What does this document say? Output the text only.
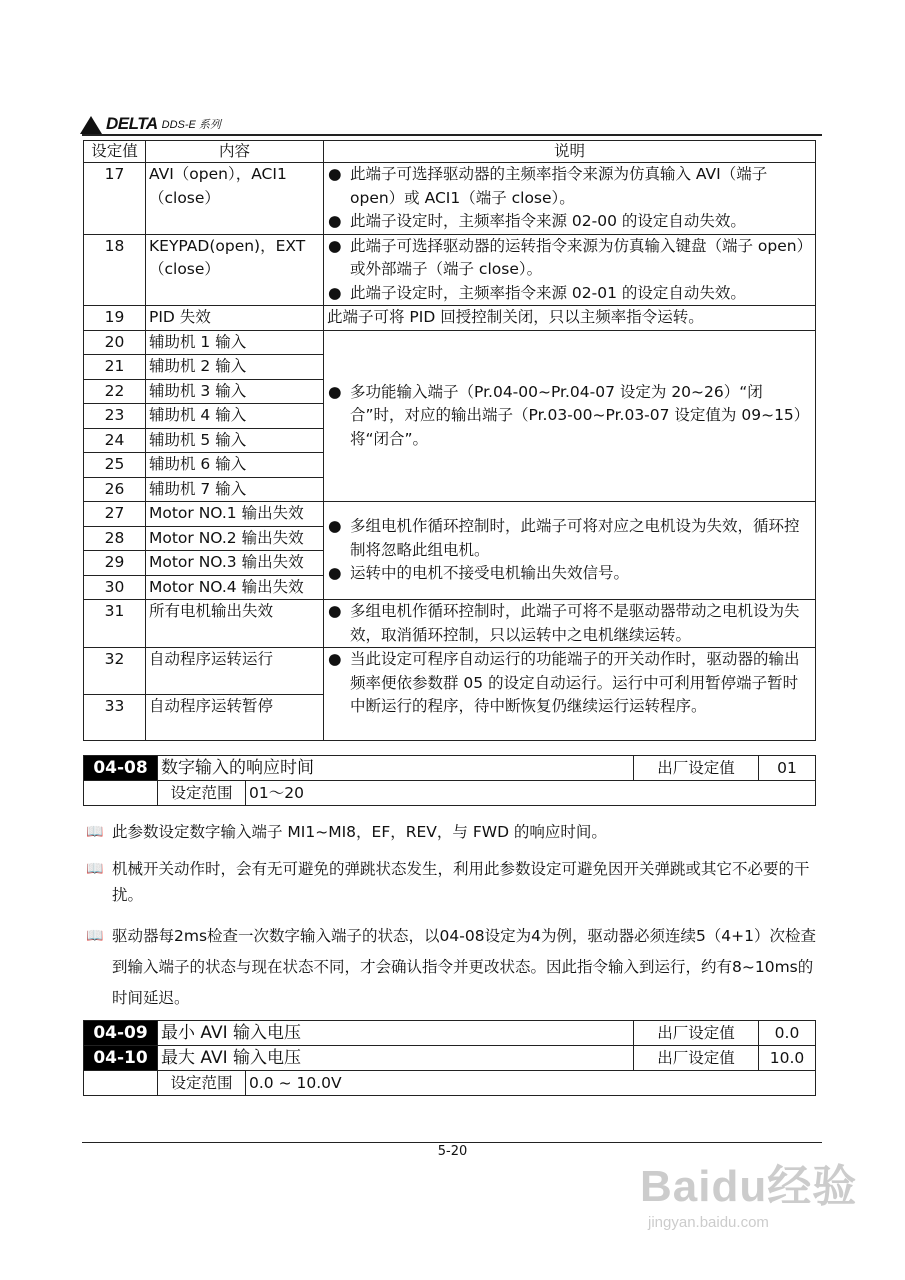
DELTA DDS-E 系列
设定值	内容	说明
17	AVI（open），ACI1（close）	● 此端子可选择驱动器的主频率指令来源为仿真输入 AVI（端子 open）或 ACI1（端子 close）。
● 此端子设定时，主频率指令来源 02-00 的设定自动失效。

18	KEYPAD(open)，EXT（close）	● 此端子可选择驱动器的运转指令来源为仿真输入键盘（端子 open）或外部端子（端子 close）。
● 此端子设定时，主频率指令来源 02-01 的设定自动失效。

19	PID 失效	此端子可将 PID 回授控制关闭，只以主频率指令运转。
20	辅助机 1 输入	● 多功能输入端子（Pr.04-00~Pr.04-07 设定为 20~26）“闭合”时，对应的输出端子（Pr.03-00~Pr.03-07 设定值为 09~15）将“闭合”。

21	辅助机 2 输入	
22	辅助机 3 输入	
23	辅助机 4 输入	
24	辅助机 5 输入	
25	辅助机 6 输入	
26	辅助机 7 输入	
27	Motor NO.1 输出失效	● 多组电机作循环控制时，此端子可将对应之电机设为失效，循环控制将忽略此组电机。
● 运转中的电机不接受电机输出失效信号。

28	Motor NO.2 输出失效	
29	Motor NO.3 输出失效	
30	Motor NO.4 输出失效	
31	所有电机输出失效	● 多组电机作循环控制时，此端子可将不是驱动器带动之电机设为失效，取消循环控制，只以运转中之电机继续运转。

32	自动程序运转运行	● 当此设定可程序自动运行的功能端子的开关动作时，驱动器的输出频率便依参数群 05 的设定自动运行。运行中可利用暂停端子暂时中断运行的程序，待中断恢复仍继续运行运转程序。

33	自动程序运转暂停	
04-08	数字输入的响应时间		出厂设定值	01
	设定范围	01～20		
📖 此参数设定数字输入端子 MI1~MI8，EF，REV，与 FWD 的响应时间。
📖 机械开关动作时，会有无可避免的弹跳状态发生，利用此参数设定可避免因开关弹跳或其它不必要的干扰。
📖 驱动器每2ms检查一次数字输入端子的状态，以04-08设定为4为例，驱动器必须连续5（4+1）次检查到输入端子的状态与现在状态不同，才会确认指令并更改状态。因此指令输入到运行，约有8~10ms的时间延迟。
04-09	最小 AVI 输入电压		出厂设定值	0.0
04-10	最大 AVI 输入电压		出厂设定值	10.0
	设定范围	0.0 ~ 10.0V		
5-20
Baidu经验
jingyan.baidu.com
